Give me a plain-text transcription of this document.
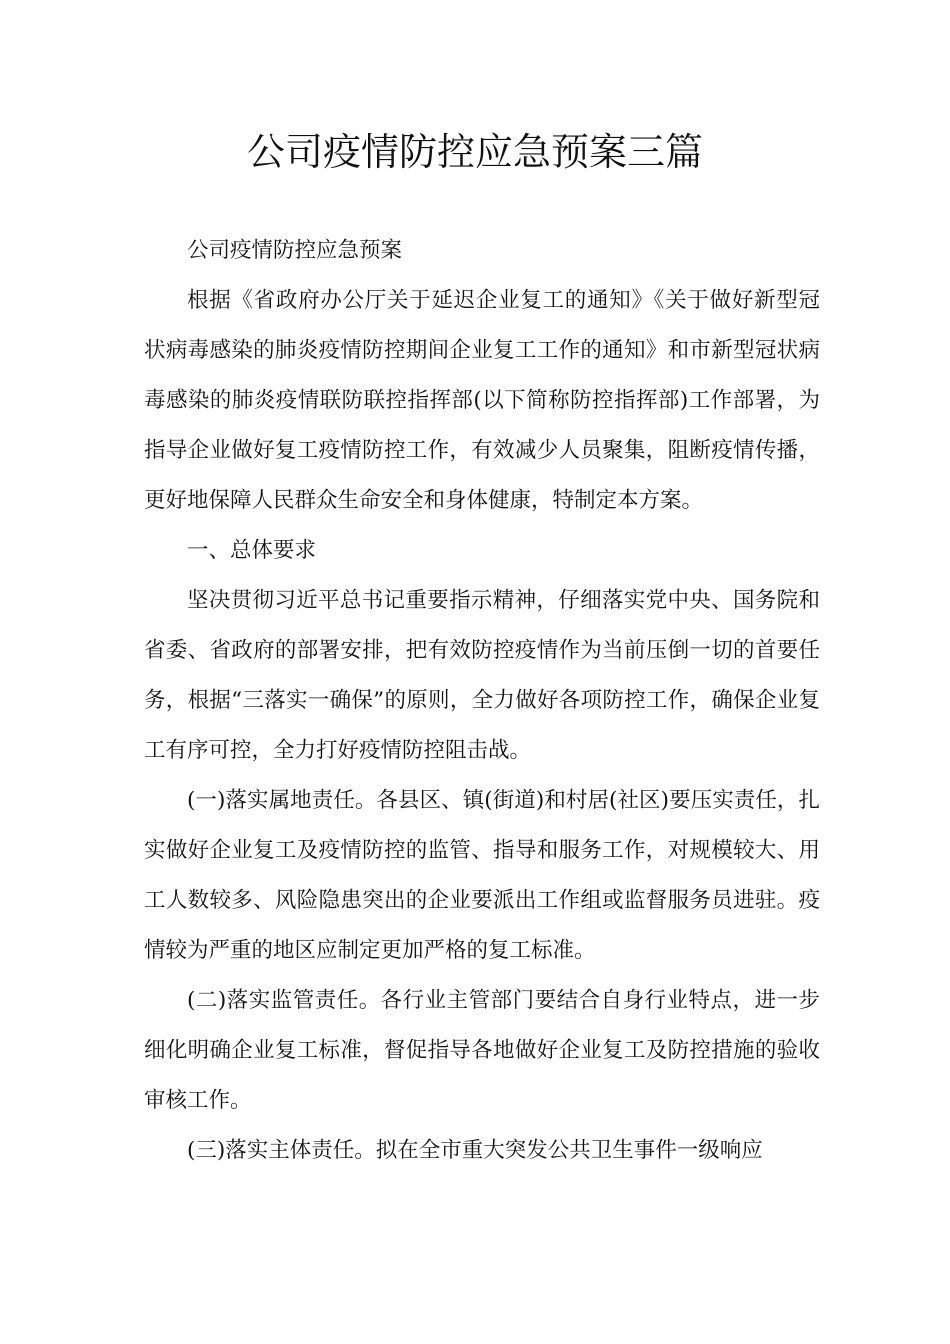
公司疫情防控应急预案三篇

公司疫情防控应急预案

根据《省政府办公厅关于延迟企业复工的通知》《关于做好新型冠状病毒感染的肺炎疫情防控期间企业复工工作的通知》和市新型冠状病毒感染的肺炎疫情联防联控指挥部(以下简称防控指挥部)工作部署，为指导企业做好复工疫情防控工作，有效减少人员聚集，阻断疫情传播，更好地保障人民群众生命安全和身体健康，特制定本方案。

一、总体要求

坚决贯彻习近平总书记重要指示精神，仔细落实党中央、国务院和省委、省政府的部署安排，把有效防控疫情作为当前压倒一切的首要任务，根据“三落实一确保”的原则，全力做好各项防控工作，确保企业复工有序可控，全力打好疫情防控阻击战。

(一)落实属地责任。各县区、镇(街道)和村居(社区)要压实责任，扎实做好企业复工及疫情防控的监管、指导和服务工作，对规模较大、用工人数较多、风险隐患突出的企业要派出工作组或监督服务员进驻。疫情较为严重的地区应制定更加严格的复工标准。

(二)落实监管责任。各行业主管部门要结合自身行业特点，进一步细化明确企业复工标准，督促指导各地做好企业复工及防控措施的验收审核工作。

(三)落实主体责任。拟在全市重大突发公共卫生事件一级响应
